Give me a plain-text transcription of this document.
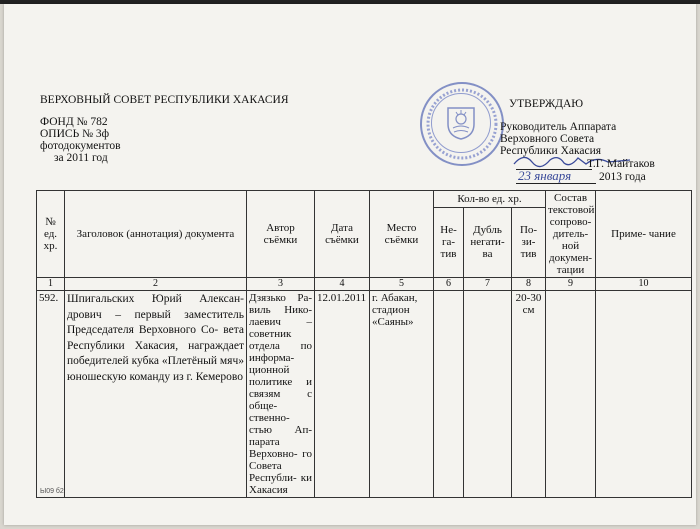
ВЕРХОВНЫЙ СОВЕТ РЕСПУБЛИКИ ХАКАСИЯ
ФОНД № 782
ОПИСЬ № 3ф
фотодокументов
за 2011 год
УТВЕРЖДАЮ
Руководитель Аппарата
Верховного Совета
Республики Хакасия
Т.Г. Майтаков
23 января 2013 года
№ ед. хр.	Заголовок (аннотация) документа	Автор съёмки	Дата съёмки	Место съёмки	Кол-во ед. хр.			Состав текстовой сопрово- дитель- ной докумен- тации	Приме- чание
					Не- га- тив	Дубль негати- ва	По- зи- тив		
1	2	3	4	5	6	7	8	9	10
592.	Шпигальских Юрий Алексан- дрович – первый заместитель Председателя Верховного Со- вета Республики Хакасия, награждает победителей кубка «Плетёный мяч» юношескую команду из г. Кемерово	Дзязько Ра- виль Нико- лаевич – советник отдела по информа- ционной политике и связям с обще- ственно- стью Ап- парата Верховно- го Совета Республи- ки Хакасия	12.01.2011	г. Абакан, стадион «Саяны»			20-30 см		
Ы09 б2
